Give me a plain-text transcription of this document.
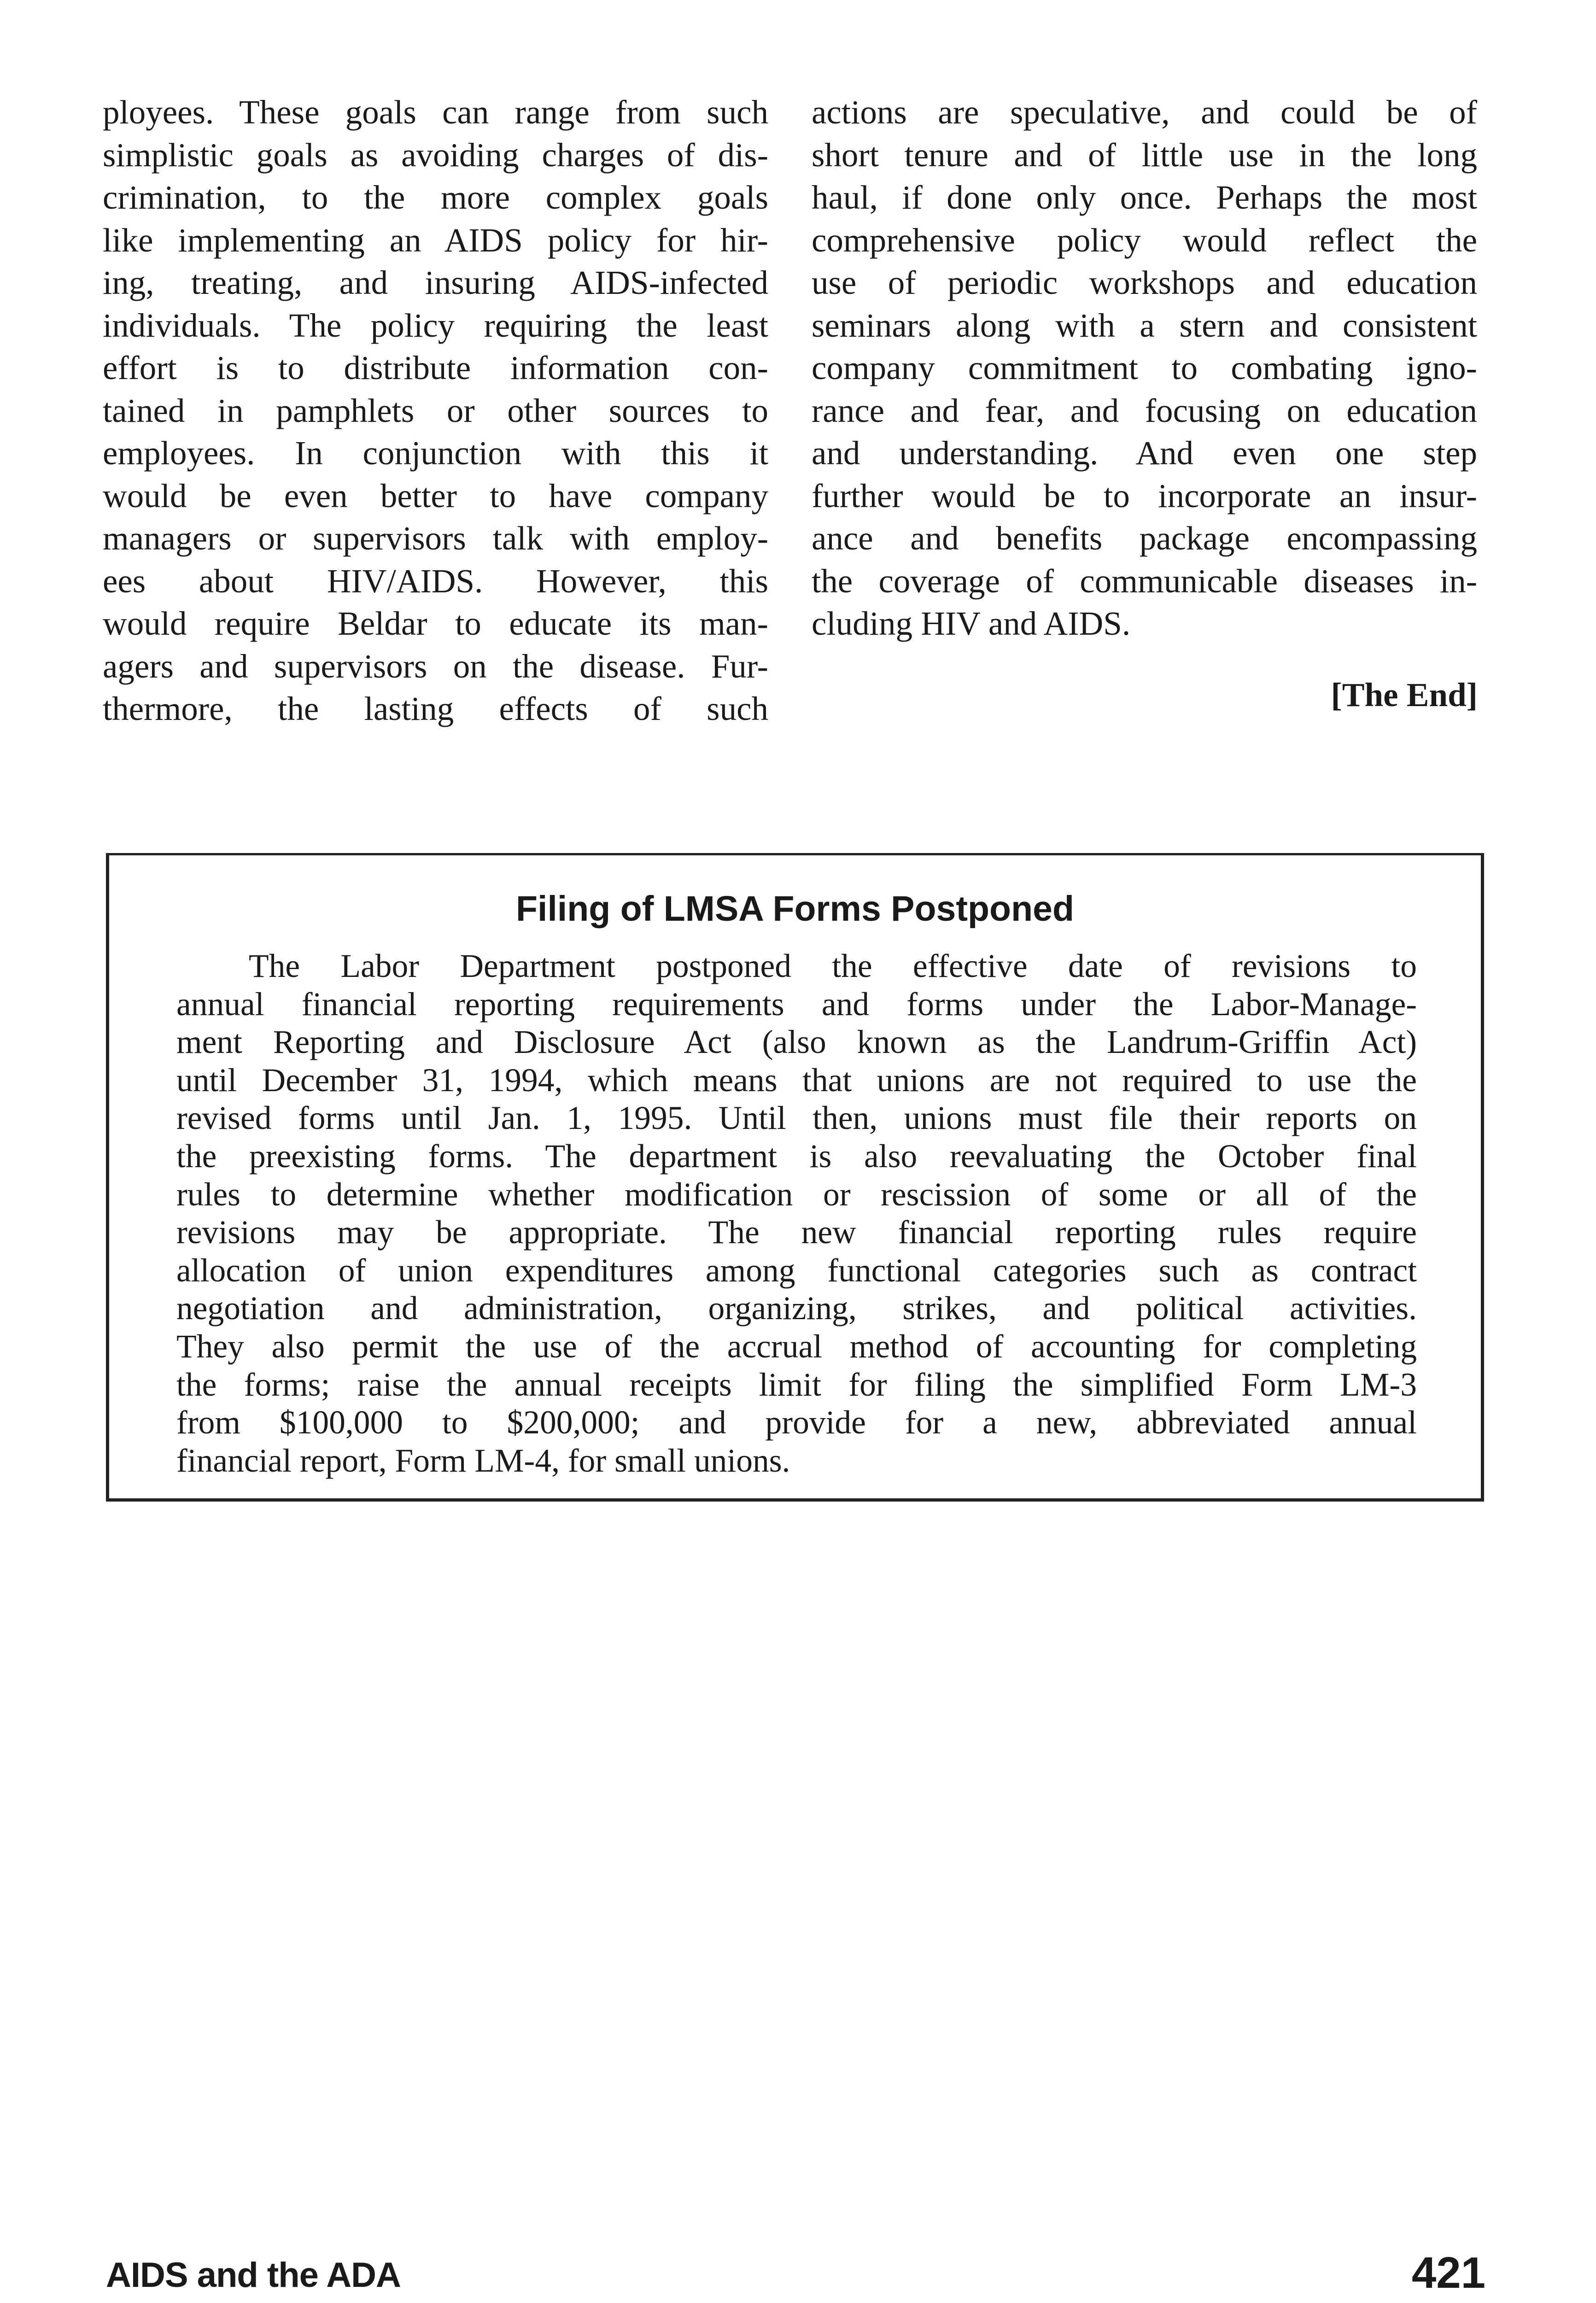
ployees. These goals can range from such
simplistic goals as avoiding charges of dis-
crimination, to the more complex goals
like implementing an AIDS policy for hir-
ing, treating, and insuring AIDS-infected
individuals. The policy requiring the least
effort is to distribute information con-
tained in pamphlets or other sources to
employees. In conjunction with this it
would be even better to have company
managers or supervisors talk with employ-
ees about HIV/AIDS. However, this
would require Beldar to educate its man-
agers and supervisors on the disease. Fur-
thermore, the lasting effects of such
actions are speculative, and could be of
short tenure and of little use in the long
haul, if done only once. Perhaps the most
comprehensive policy would reflect the
use of periodic workshops and education
seminars along with a stern and consistent
company commitment to combating igno-
rance and fear, and focusing on education
and understanding. And even one step
further would be to incorporate an insur-
ance and benefits package encompassing
the coverage of communicable diseases in-
cluding HIV and AIDS.
[The End]
Filing of LMSA Forms Postponed
The Labor Department postponed the effective date of revisions to
annual financial reporting requirements and forms under the Labor-Manage-
ment Reporting and Disclosure Act (also known as the Landrum-Griffin Act)
until December 31, 1994, which means that unions are not required to use the
revised forms until Jan. 1, 1995. Until then, unions must file their reports on
the preexisting forms. The department is also reevaluating the October final
rules to determine whether modification or rescission of some or all of the
revisions may be appropriate. The new financial reporting rules require
allocation of union expenditures among functional categories such as contract
negotiation and administration, organizing, strikes, and political activities.
They also permit the use of the accrual method of accounting for completing
the forms; raise the annual receipts limit for filing the simplified Form LM-3
from $100,000 to $200,000; and provide for a new, abbreviated annual
financial report, Form LM-4, for small unions.
AIDS and the ADA	421
